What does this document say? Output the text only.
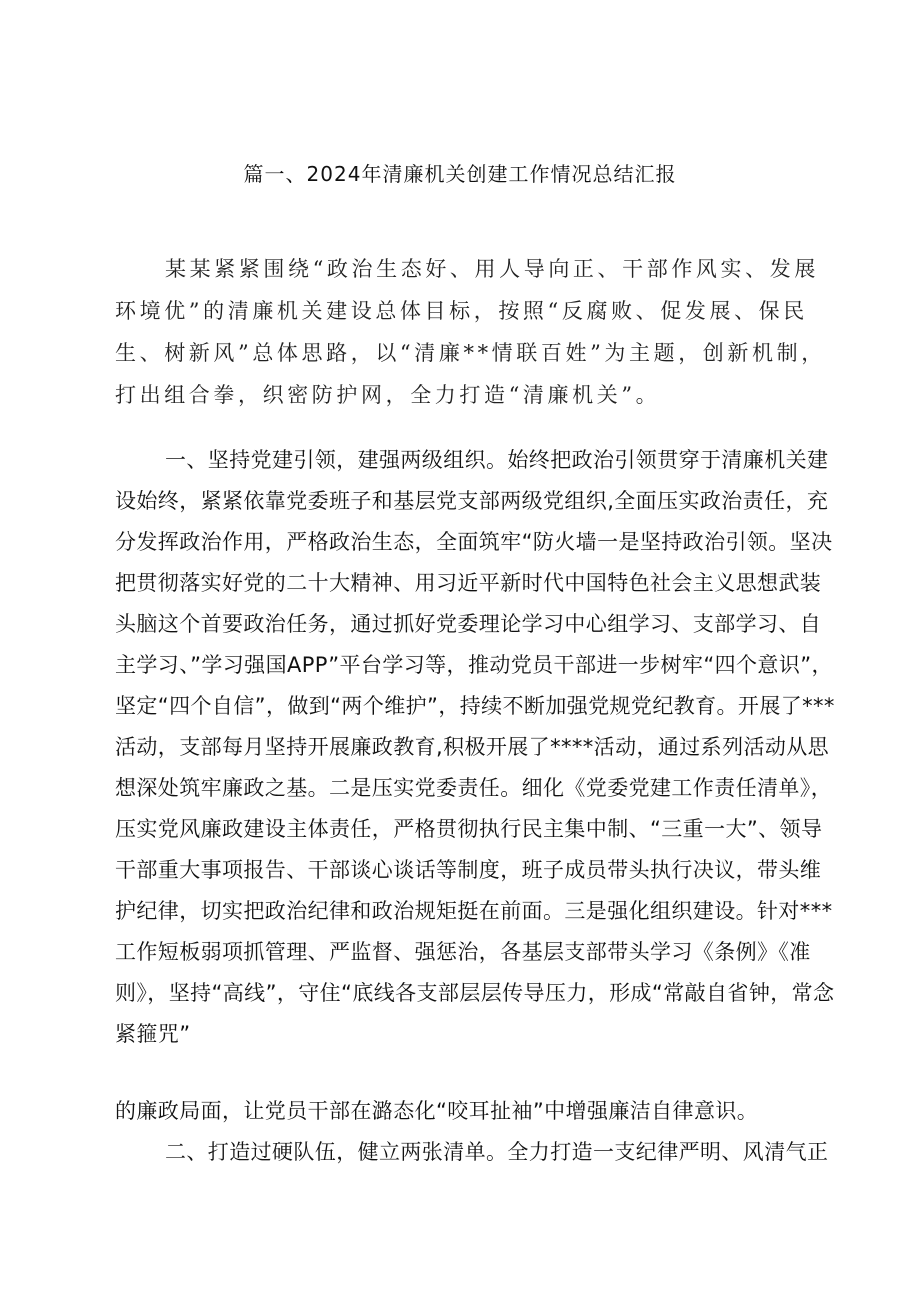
篇一、2024年清廉机关创建工作情况总结汇报

某某紧紧围绕“政治生态好、用人导向正、干部作风实、发展环境优”的清廉机关建设总体目标，按照“反腐败、促发展、保民生、树新风”总体思路，以“清廉**情联百姓”为主题，创新机制，打出组合拳，织密防护网，全力打造“清廉机关”。

一、坚持党建引领，建强两级组织。始终把政治引领贯穿于清廉机关建设始终，紧紧依靠党委班子和基层党支部两级党组织,全面压实政治责任，充分发挥政治作用，严格政治生态，全面筑牢“防火墙一是坚持政治引领。坚决把贯彻落实好党的二十大精神、用习近平新时代中国特色社会主义思想武装头脑这个首要政治任务，通过抓好党委理论学习中心组学习、支部学习、自主学习、”学习强国APP”平台学习等，推动党员干部进一步树牢“四个意识”，坚定“四个自信”，做到“两个维护”，持续不断加强党规党纪教育。开展了***活动，支部每月坚持开展廉政教育,积极开展了****活动，通过系列活动从思想深处筑牢廉政之基。二是压实党委责任。细化《党委党建工作责任清单》，压实党风廉政建设主体责任，严格贯彻执行民主集中制、“三重一大”、领导干部重大事项报告、干部谈心谈话等制度，班子成员带头执行决议，带头维护纪律，切实把政治纪律和政治规矩挺在前面。三是强化组织建设。针对***工作短板弱项抓管理、严监督、强惩治，各基层支部带头学习《条例》《准则》，坚持“高线”，守住“底线各支部层层传导压力，形成“常敲自省钟，常念紧箍咒”

的廉政局面，让党员干部在潞态化“咬耳扯袖”中增强廉洁自律意识。

二、打造过硬队伍，健立两张清单。全力打造一支纪律严明、风清气正
